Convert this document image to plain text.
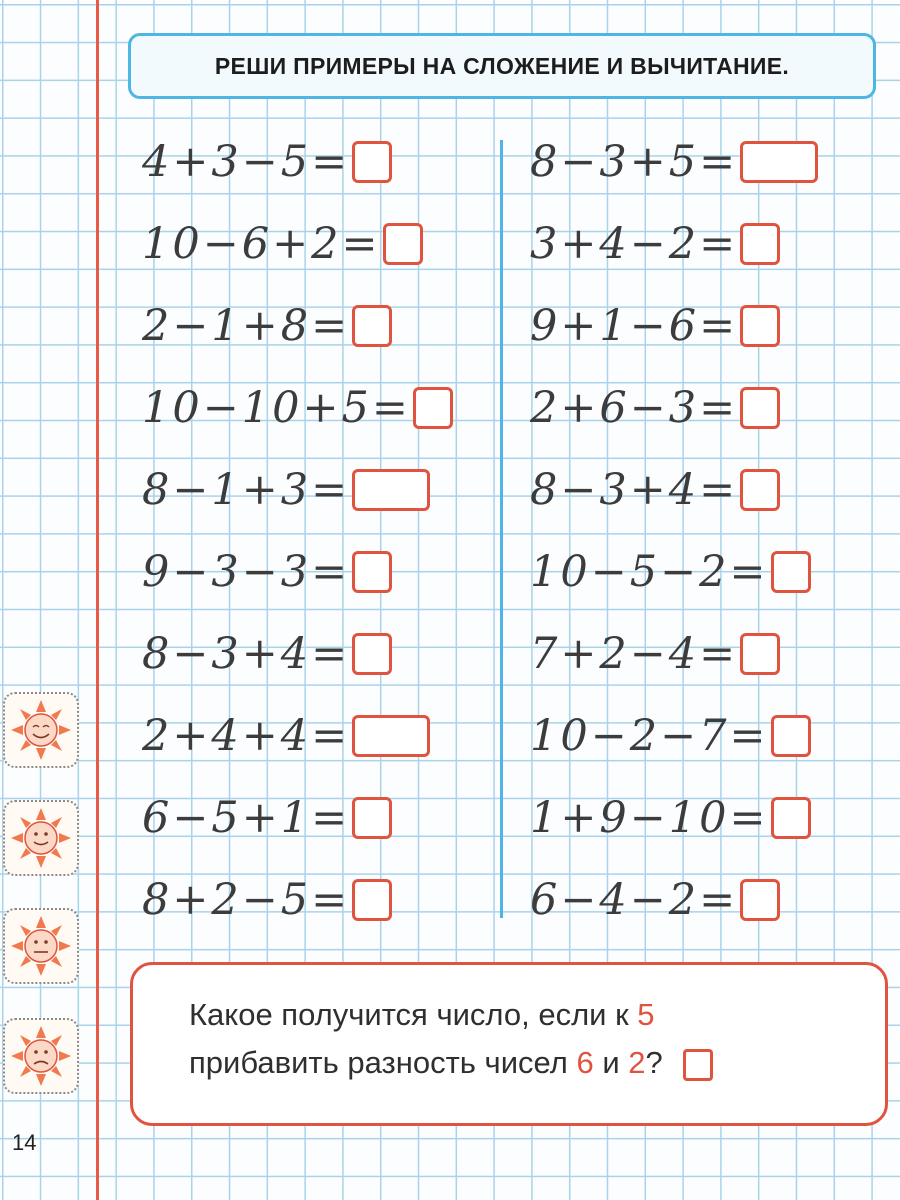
РЕШИ ПРИМЕРЫ НА СЛОЖЕНИЕ И ВЫЧИТАНИЕ.
4+3−5=
10−6+2=
2−1+8=
10−10+5=
8−1+3=
9−3−3=
8−3+4=
2+4+4=
6−5+1=
8+2−5=
8−3+5=
3+4−2=
9+1−6=
2+6−3=
8−3+4=
10−5−2=
7+2−4=
10−2−7=
1+9−10=
6−4−2=
Какое получится число, если к 5
прибавить разность чисел 6 и 2?
14
